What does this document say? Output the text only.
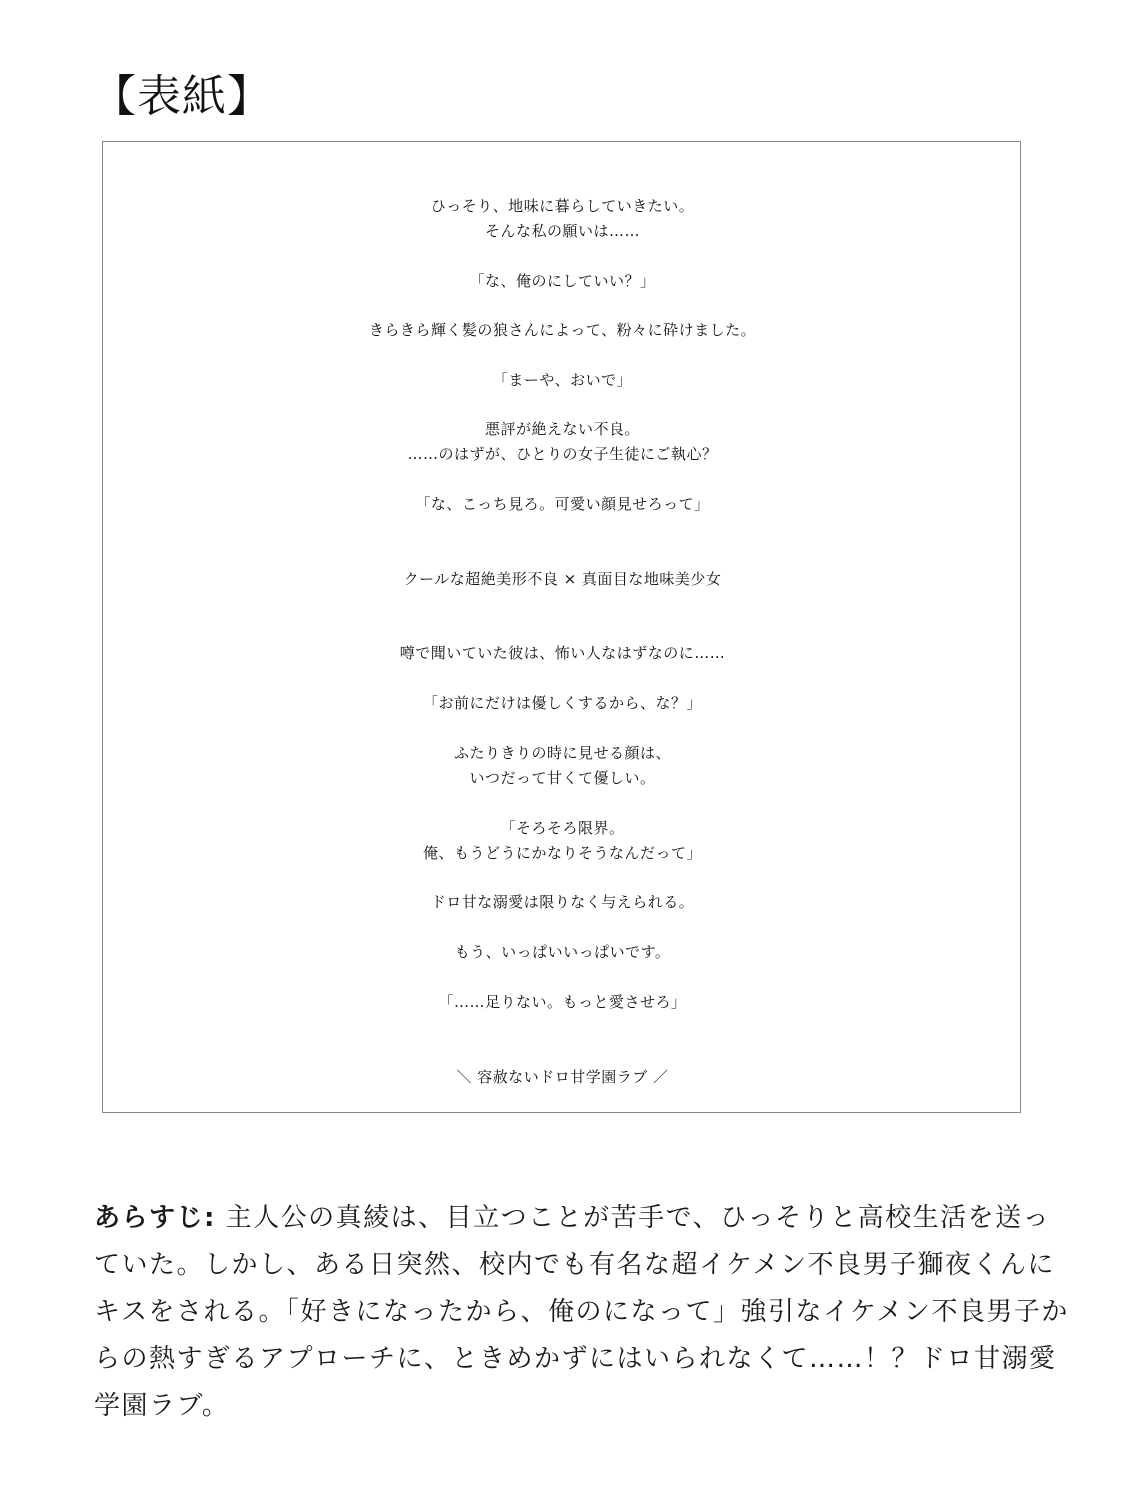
【表紙】
ひっそり、地味に暮らしていきたい。
そんな私の願いは……
「な、俺のにしていい？」
きらきら輝く髪の狼さんによって、粉々に砕けました。
「まーや、おいで」
悪評が絶えない不良。
……のはずが、ひとりの女子生徒にご執心？
「な、こっち見ろ。可愛い顔見せろって」
クールな超絶美形不良 × 真面目な地味美少女
噂で聞いていた彼は、怖い人なはずなのに……
「お前にだけは優しくするから、な？」
ふたりきりの時に見せる顔は、
いつだって甘くて優しい。
「そろそろ限界。
俺、もうどうにかなりそうなんだって」
ドロ甘な溺愛は限りなく与えられる。
もう、いっぱいいっぱいです。
「……足りない。もっと愛させろ」
＼ 容赦ないドロ甘学園ラブ ／

あらすじ: 主人公の真綾は、目立つことが苦手で、ひっそりと高校生活を送っていた。しかし、ある日突然、校内でも有名な超イケメン不良男子獅夜くんにキスをされる。「好きになったから、俺のになって」強引なイケメン不良男子からの熱すぎるアプローチに、ときめかずにはいられなくて……！？ドロ甘溺愛学園ラブ。
